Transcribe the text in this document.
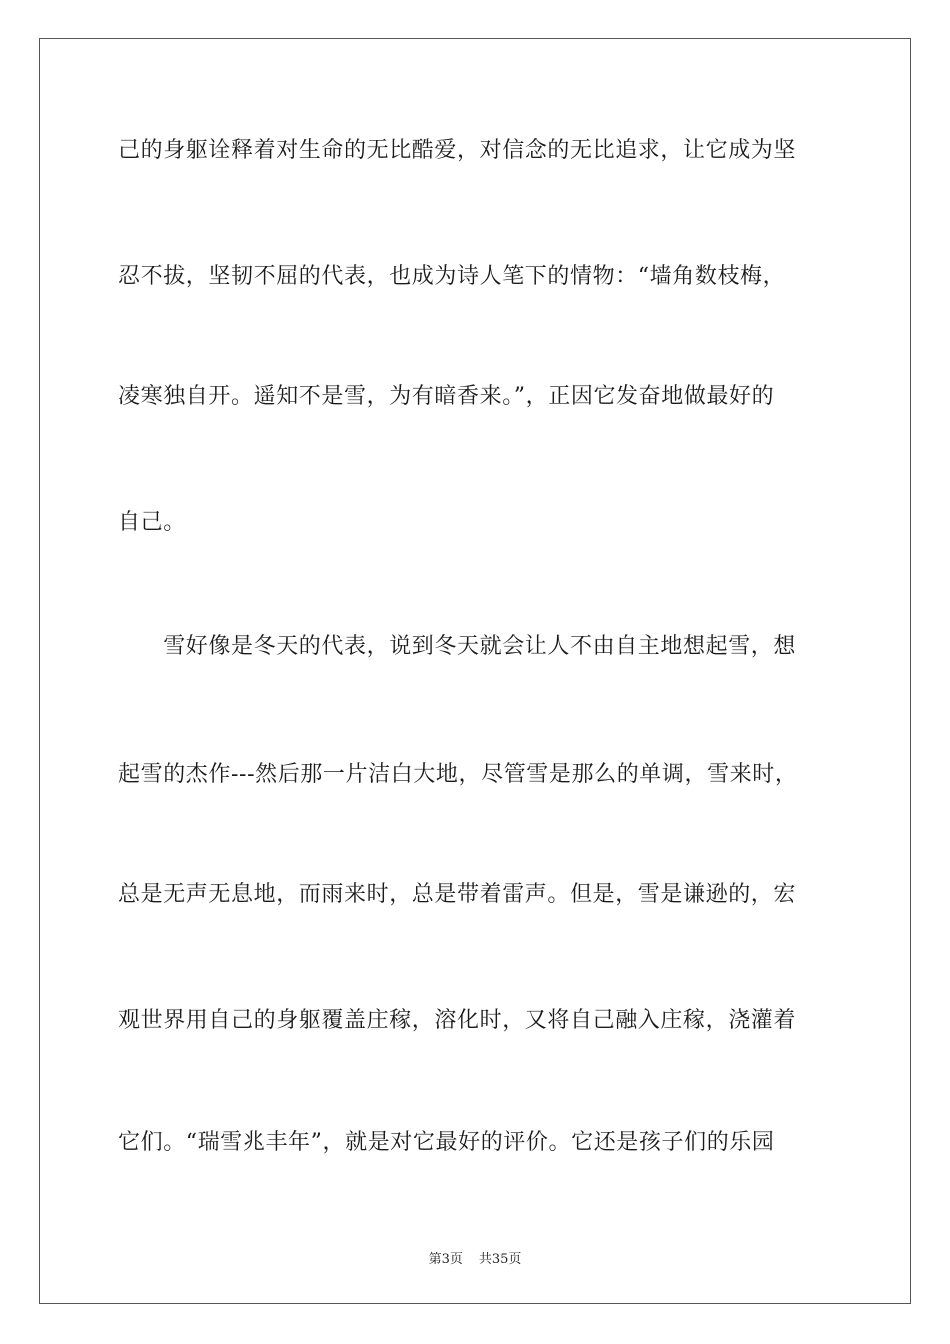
己的身躯诠释着对生命的无比酷爱，对信念的无比追求，让它成为坚
忍不拔，坚韧不屈的代表，也成为诗人笔下的情物：“墙角数枝梅，
凌寒独自开。遥知不是雪，为有暗香来。”，正因它发奋地做最好的
自己。
　　雪好像是冬天的代表，说到冬天就会让人不由自主地想起雪，想
起雪的杰作---然后那一片洁白大地，尽管雪是那么的单调，雪来时，
总是无声无息地，而雨来时，总是带着雷声。但是，雪是谦逊的，宏
观世界用自己的身躯覆盖庄稼，溶化时，又将自己融入庄稼，浇灌着
它们。“瑞雪兆丰年”，就是对它最好的评价。它还是孩子们的乐园
第3页 共35页
